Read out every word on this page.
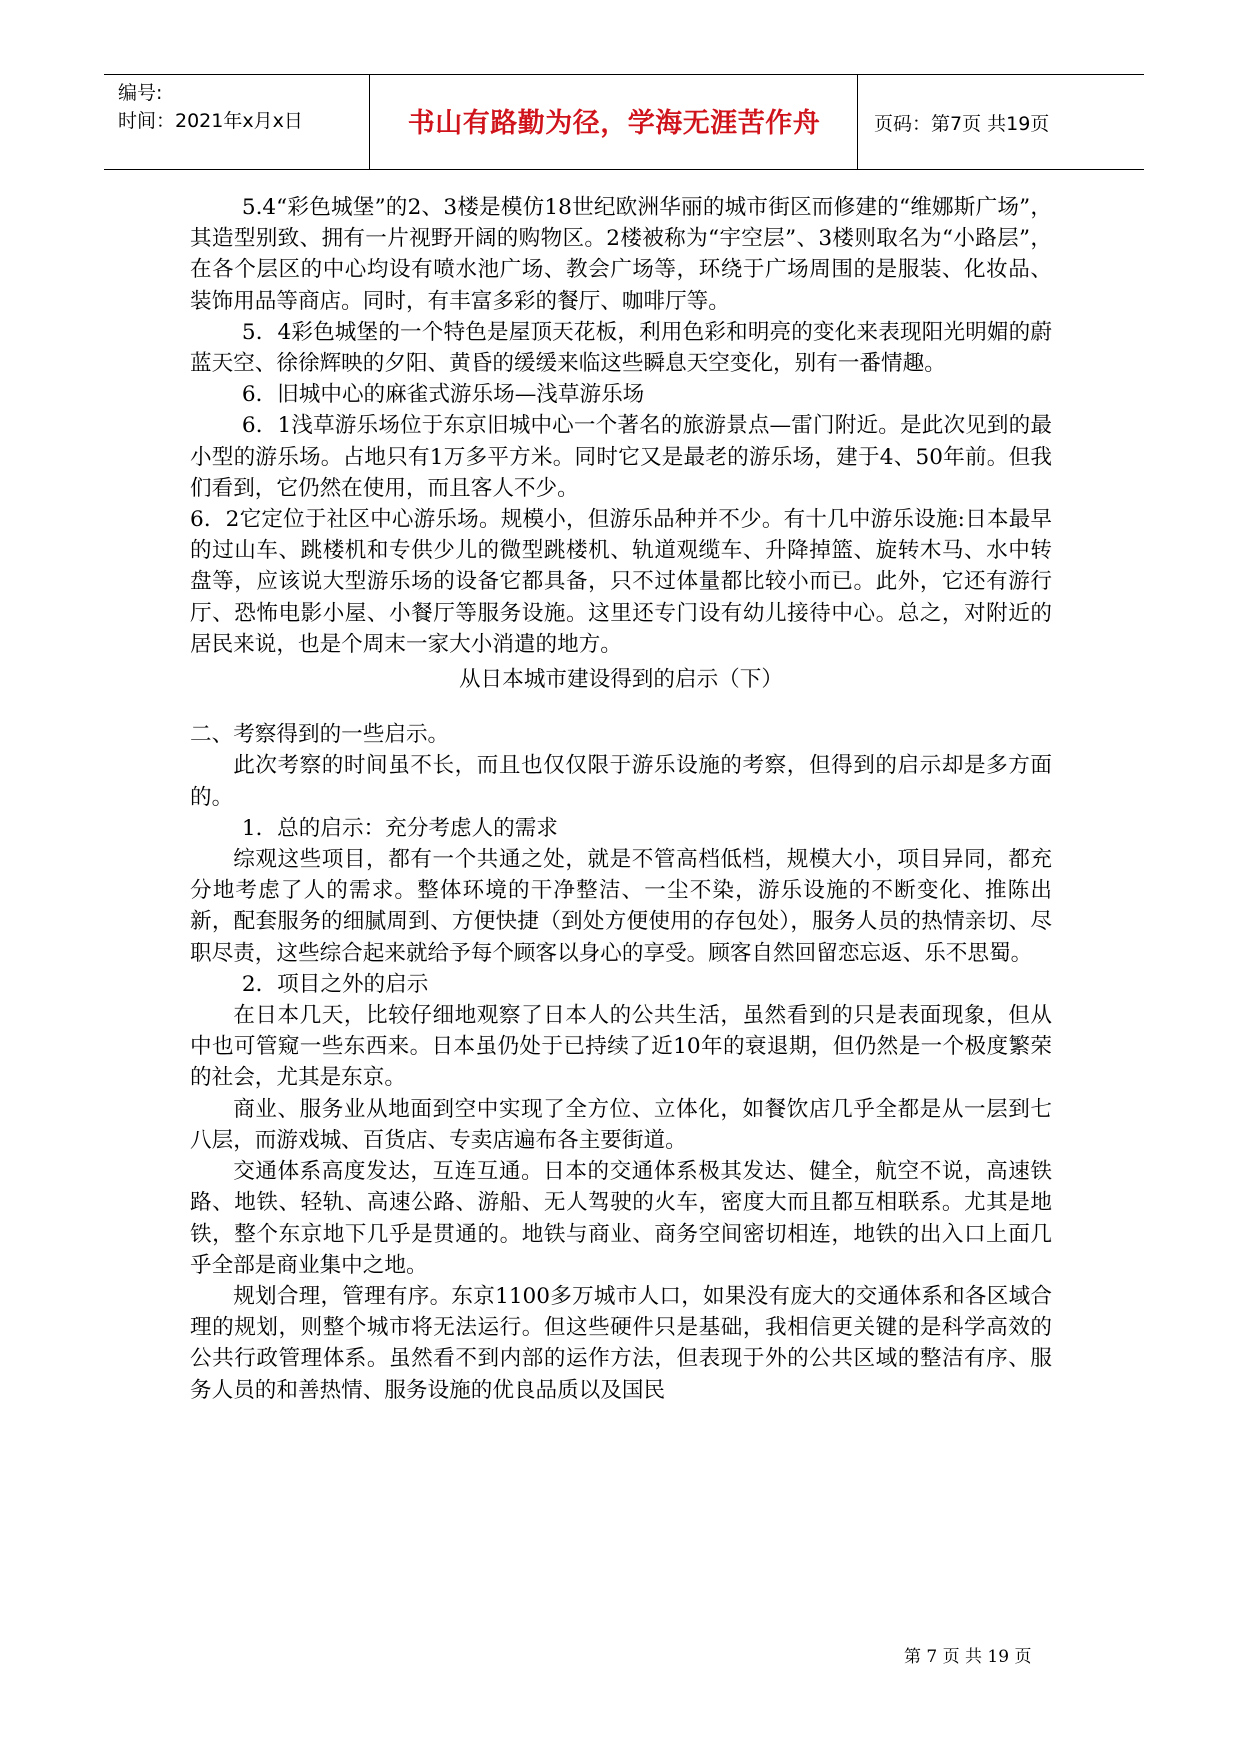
编号:
时间：2021年x月x日	书山有路勤为径，学海无涯苦作舟	页码：第7页 共19页

5.4“彩色城堡”的2、3楼是模仿18世纪欧洲华丽的城市街区而修建的“维娜斯广场”，其造型别致、拥有一片视野开阔的购物区。2楼被称为“宇空层”、3楼则取名为“小路层”，在各个层区的中心均设有喷水池广场、教会广场等，环绕于广场周围的是服装、化妆品、装饰用品等商店。同时，有丰富多彩的餐厅、咖啡厅等。

5．4彩色城堡的一个特色是屋顶天花板，利用色彩和明亮的变化来表现阳光明媚的蔚蓝天空、徐徐辉映的夕阳、黄昏的缓缓来临这些瞬息天空变化，别有一番情趣。

6．旧城中心的麻雀式游乐场—浅草游乐场

6．1浅草游乐场位于东京旧城中心一个著名的旅游景点—雷门附近。是此次见到的最小型的游乐场。占地只有1万多平方米。同时它又是最老的游乐场，建于4、50年前。但我们看到，它仍然在使用，而且客人不少。

6．2它定位于社区中心游乐场。规模小，但游乐品种并不少。有十几中游乐设施:日本最早的过山车、跳楼机和专供少儿的微型跳楼机、轨道观缆车、升降掉篮、旋转木马、水中转盘等，应该说大型游乐场的设备它都具备，只不过体量都比较小而已。此外，它还有游行厅、恐怖电影小屋、小餐厅等服务设施。这里还专门设有幼儿接待中心。总之，对附近的居民来说，也是个周末一家大小消遣的地方。

从日本城市建设得到的启示（下）

二、考察得到的一些启示。

此次考察的时间虽不长，而且也仅仅限于游乐设施的考察，但得到的启示却是多方面的。

1．总的启示：充分考虑人的需求

综观这些项目，都有一个共通之处，就是不管高档低档，规模大小，项目异同，都充分地考虑了人的需求。整体环境的干净整洁、一尘不染，游乐设施的不断变化、推陈出新，配套服务的细腻周到、方便快捷（到处方便使用的存包处），服务人员的热情亲切、尽职尽责，这些综合起来就给予每个顾客以身心的享受。顾客自然回留恋忘返、乐不思蜀。

2．项目之外的启示

在日本几天，比较仔细地观察了日本人的公共生活，虽然看到的只是表面现象，但从中也可管窥一些东西来。日本虽仍处于已持续了近10年的衰退期，但仍然是一个极度繁荣的社会，尤其是东京。

商业、服务业从地面到空中实现了全方位、立体化，如餐饮店几乎全都是从一层到七八层，而游戏城、百货店、专卖店遍布各主要街道。

交通体系高度发达，互连互通。日本的交通体系极其发达、健全，航空不说，高速铁路、地铁、轻轨、高速公路、游船、无人驾驶的火车，密度大而且都互相联系。尤其是地铁，整个东京地下几乎是贯通的。地铁与商业、商务空间密切相连，地铁的出入口上面几乎全部是商业集中之地。

规划合理，管理有序。东京1100多万城市人口，如果没有庞大的交通体系和各区域合理的规划，则整个城市将无法运行。但这些硬件只是基础，我相信更关键的是科学高效的公共行政管理体系。虽然看不到内部的运作方法，但表现于外的公共区域的整洁有序、服务人员的和善热情、服务设施的优良品质以及国民

第 7 页 共 19 页
